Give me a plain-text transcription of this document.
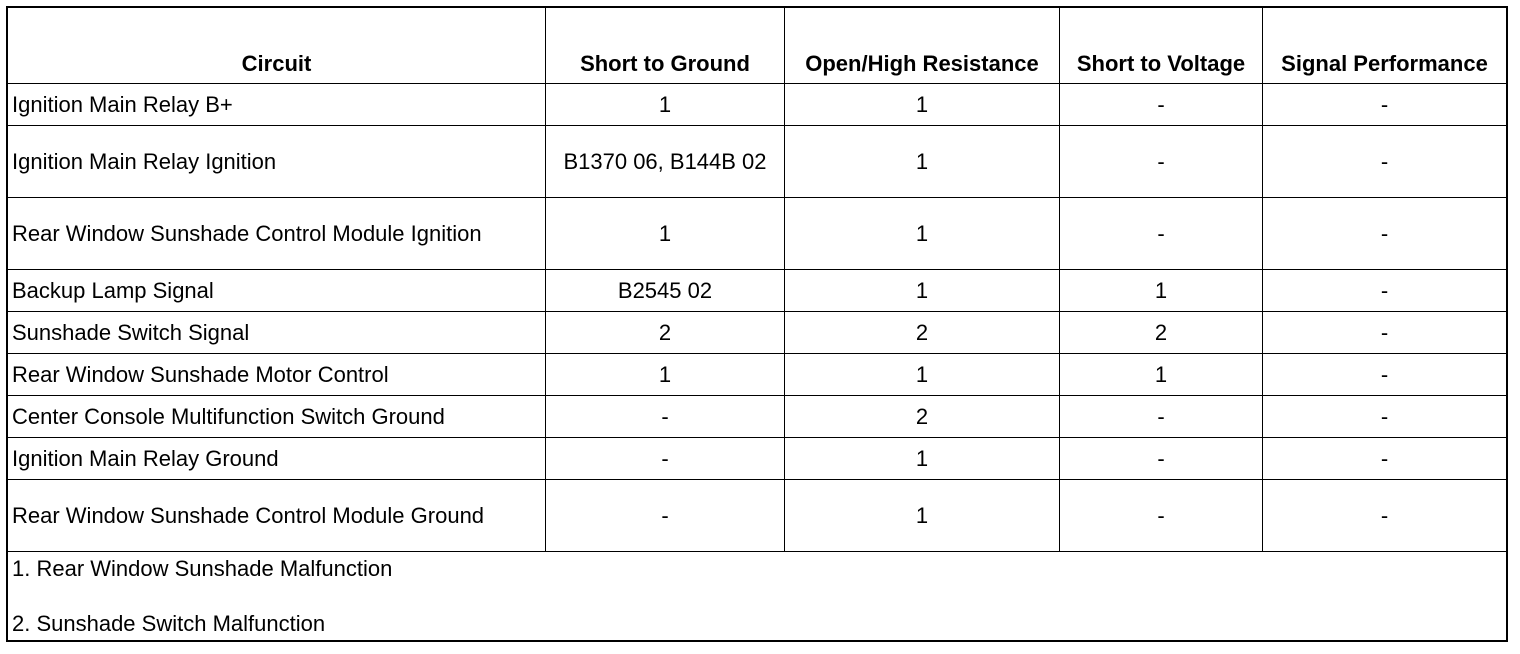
Circuit	Short to Ground	Open/High Resistance	Short to Voltage	Signal Performance
Ignition Main Relay B+	1	1	-	-
Ignition Main Relay Ignition	B1370 06, B144B 02	1	-	-
Rear Window Sunshade Control Module Ignition	1	1	-	-
Backup Lamp Signal	B2545 02	1	1	-
Sunshade Switch Signal	2	2	2	-
Rear Window Sunshade Motor Control	1	1	1	-
Center Console Multifunction Switch Ground	-	2	-	-
Ignition Main Relay Ground	-	1	-	-
Rear Window Sunshade Control Module Ground	-	1	-	-

1. Rear Window Sunshade Malfunction
2. Sunshade Switch Malfunction				
